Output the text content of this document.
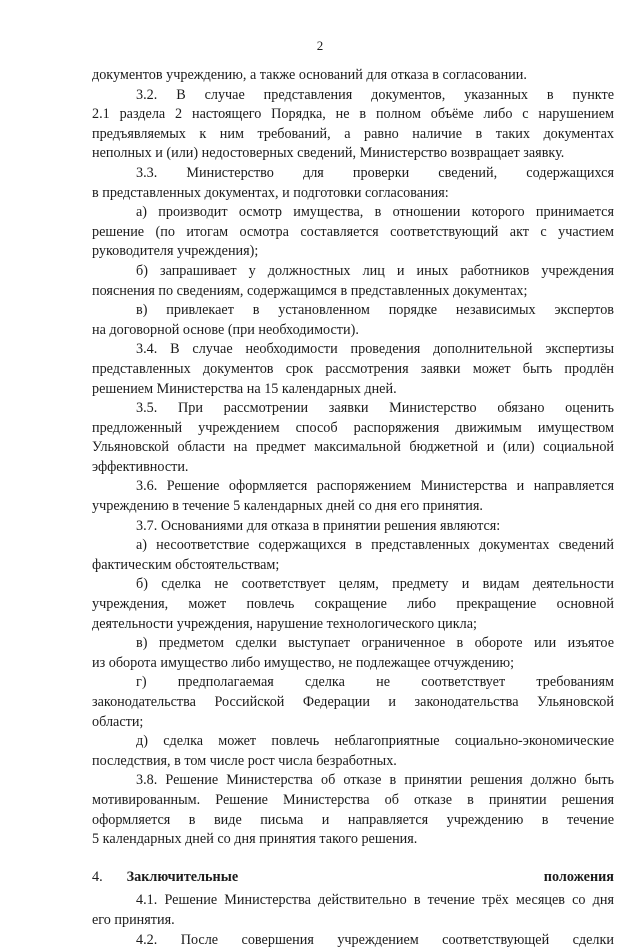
2

документов учреждению, а также оснований для отказа в согласовании.

3.2. В случае представления документов, указанных в пункте

2.1 раздела 2 настоящего Порядка, не в полном объёме либо с нарушением

предъявляемых к ним требований, а равно наличие в таких документах

неполных и (или) недостоверных сведений, Министерство возвращает заявку.

3.3. Министерство для проверки сведений, содержащихся

в представленных документах, и подготовки согласования:

а) производит осмотр имущества, в отношении которого принимается

решение (по итогам осмотра составляется соответствующий акт с участием

руководителя учреждения);

б) запрашивает у должностных лиц и иных работников учреждения

пояснения по сведениям, содержащимся в представленных документах;

в) привлекает в установленном порядке независимых экспертов

на договорной основе (при необходимости).

3.4. В случае необходимости проведения дополнительной экспертизы

представленных документов срок рассмотрения заявки может быть продлён

решением Министерства на 15 календарных дней.

3.5. При рассмотрении заявки Министерство обязано оценить

предложенный учреждением способ распоряжения движимым имуществом

Ульяновской области на предмет максимальной бюджетной и (или) социальной

эффективности.

3.6. Решение оформляется распоряжением Министерства и направляется

учреждению в течение 5 календарных дней со дня его принятия.

3.7. Основаниями для отказа в принятии решения являются:

а) несоответствие содержащихся в представленных документах сведений

фактическим обстоятельствам;

б) сделка не соответствует целям, предмету и видам деятельности

учреждения, может повлечь сокращение либо прекращение основной

деятельности учреждения, нарушение технологического цикла;

в) предметом сделки выступает ограниченное в обороте или изъятое

из оборота имущество либо имущество, не подлежащее отчуждению;

г) предполагаемая сделка не соответствует требованиям

законодательства Российской Федерации и законодательства Ульяновской

области;

д) сделка может повлечь неблагоприятные социально-экономические

последствия, в том числе рост числа безработных.

3.8. Решение Министерства об отказе в принятии решения должно быть

мотивированным. Решение Министерства об отказе в принятии решения

оформляется в виде письма и направляется учреждению в течение

5 календарных дней со дня принятия такого решения.

4. Заключительные положения

4.1. Решение Министерства действительно в течение трёх месяцев со дня

его принятия.

4.2. После совершения учреждением соответствующей сделки
